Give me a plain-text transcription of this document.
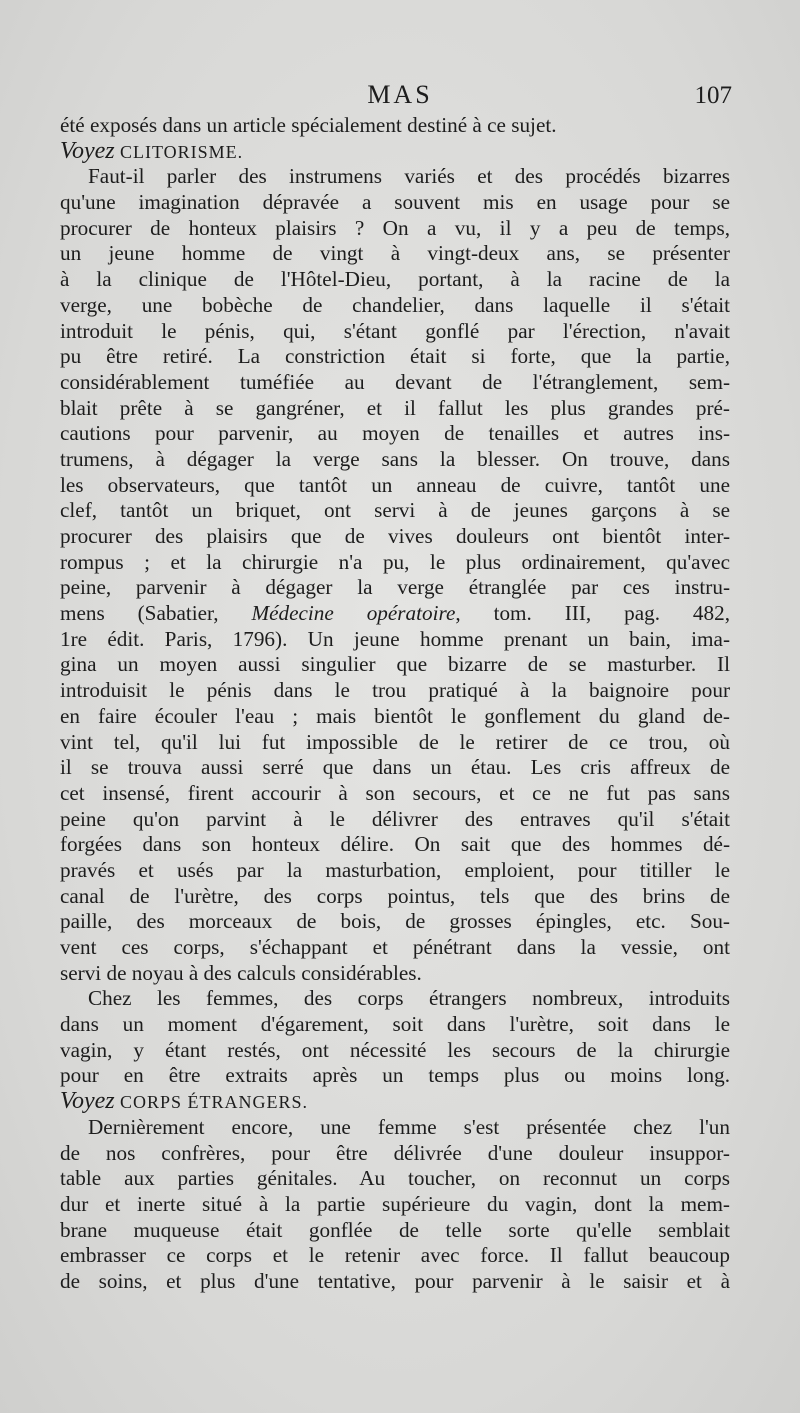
MAS	107
été exposés dans un article spécialement destiné à ce sujet.
Voyez CLITORISME.
Faut-il parler des instrumens variés et des procédés bizarres
qu'une imagination dépravée a souvent mis en usage pour se
procurer de honteux plaisirs ? On a vu, il y a peu de temps,
un jeune homme de vingt à vingt-deux ans, se présenter
à la clinique de l'Hôtel-Dieu, portant, à la racine de la
verge, une bobèche de chandelier, dans laquelle il s'était
introduit le pénis, qui, s'étant gonflé par l'érection, n'avait
pu être retiré. La constriction était si forte, que la partie,
considérablement tuméfiée au devant de l'étranglement, sem-
blait prête à se gangréner, et il fallut les plus grandes pré-
cautions pour parvenir, au moyen de tenailles et autres ins-
trumens, à dégager la verge sans la blesser. On trouve, dans
les observateurs, que tantôt un anneau de cuivre, tantôt une
clef, tantôt un briquet, ont servi à de jeunes garçons à se
procurer des plaisirs que de vives douleurs ont bientôt inter-
rompus ; et la chirurgie n'a pu, le plus ordinairement, qu'avec
peine, parvenir à dégager la verge étranglée par ces instru-
mens (Sabatier, Médecine opératoire, tom. III, pag. 482,
1re édit. Paris, 1796). Un jeune homme prenant un bain, ima-
gina un moyen aussi singulier que bizarre de se masturber. Il
introduisit le pénis dans le trou pratiqué à la baignoire pour
en faire écouler l'eau ; mais bientôt le gonflement du gland de-
vint tel, qu'il lui fut impossible de le retirer de ce trou, où
il se trouva aussi serré que dans un étau. Les cris affreux de
cet insensé, firent accourir à son secours, et ce ne fut pas sans
peine qu'on parvint à le délivrer des entraves qu'il s'était
forgées dans son honteux délire. On sait que des hommes dé-
pravés et usés par la masturbation, emploient, pour titiller le
canal de l'urètre, des corps pointus, tels que des brins de
paille, des morceaux de bois, de grosses épingles, etc. Sou-
vent ces corps, s'échappant et pénétrant dans la vessie, ont
servi de noyau à des calculs considérables.
Chez les femmes, des corps étrangers nombreux, introduits
dans un moment d'égarement, soit dans l'urètre, soit dans le
vagin, y étant restés, ont nécessité les secours de la chirurgie
pour en être extraits après un temps plus ou moins long.
Voyez CORPS ÉTRANGERS.
Dernièrement encore, une femme s'est présentée chez l'un
de nos confrères, pour être délivrée d'une douleur insuppor-
table aux parties génitales. Au toucher, on reconnut un corps
dur et inerte situé à la partie supérieure du vagin, dont la mem-
brane muqueuse était gonflée de telle sorte qu'elle semblait
embrasser ce corps et le retenir avec force. Il fallut beaucoup
de soins, et plus d'une tentative, pour parvenir à le saisir et à
